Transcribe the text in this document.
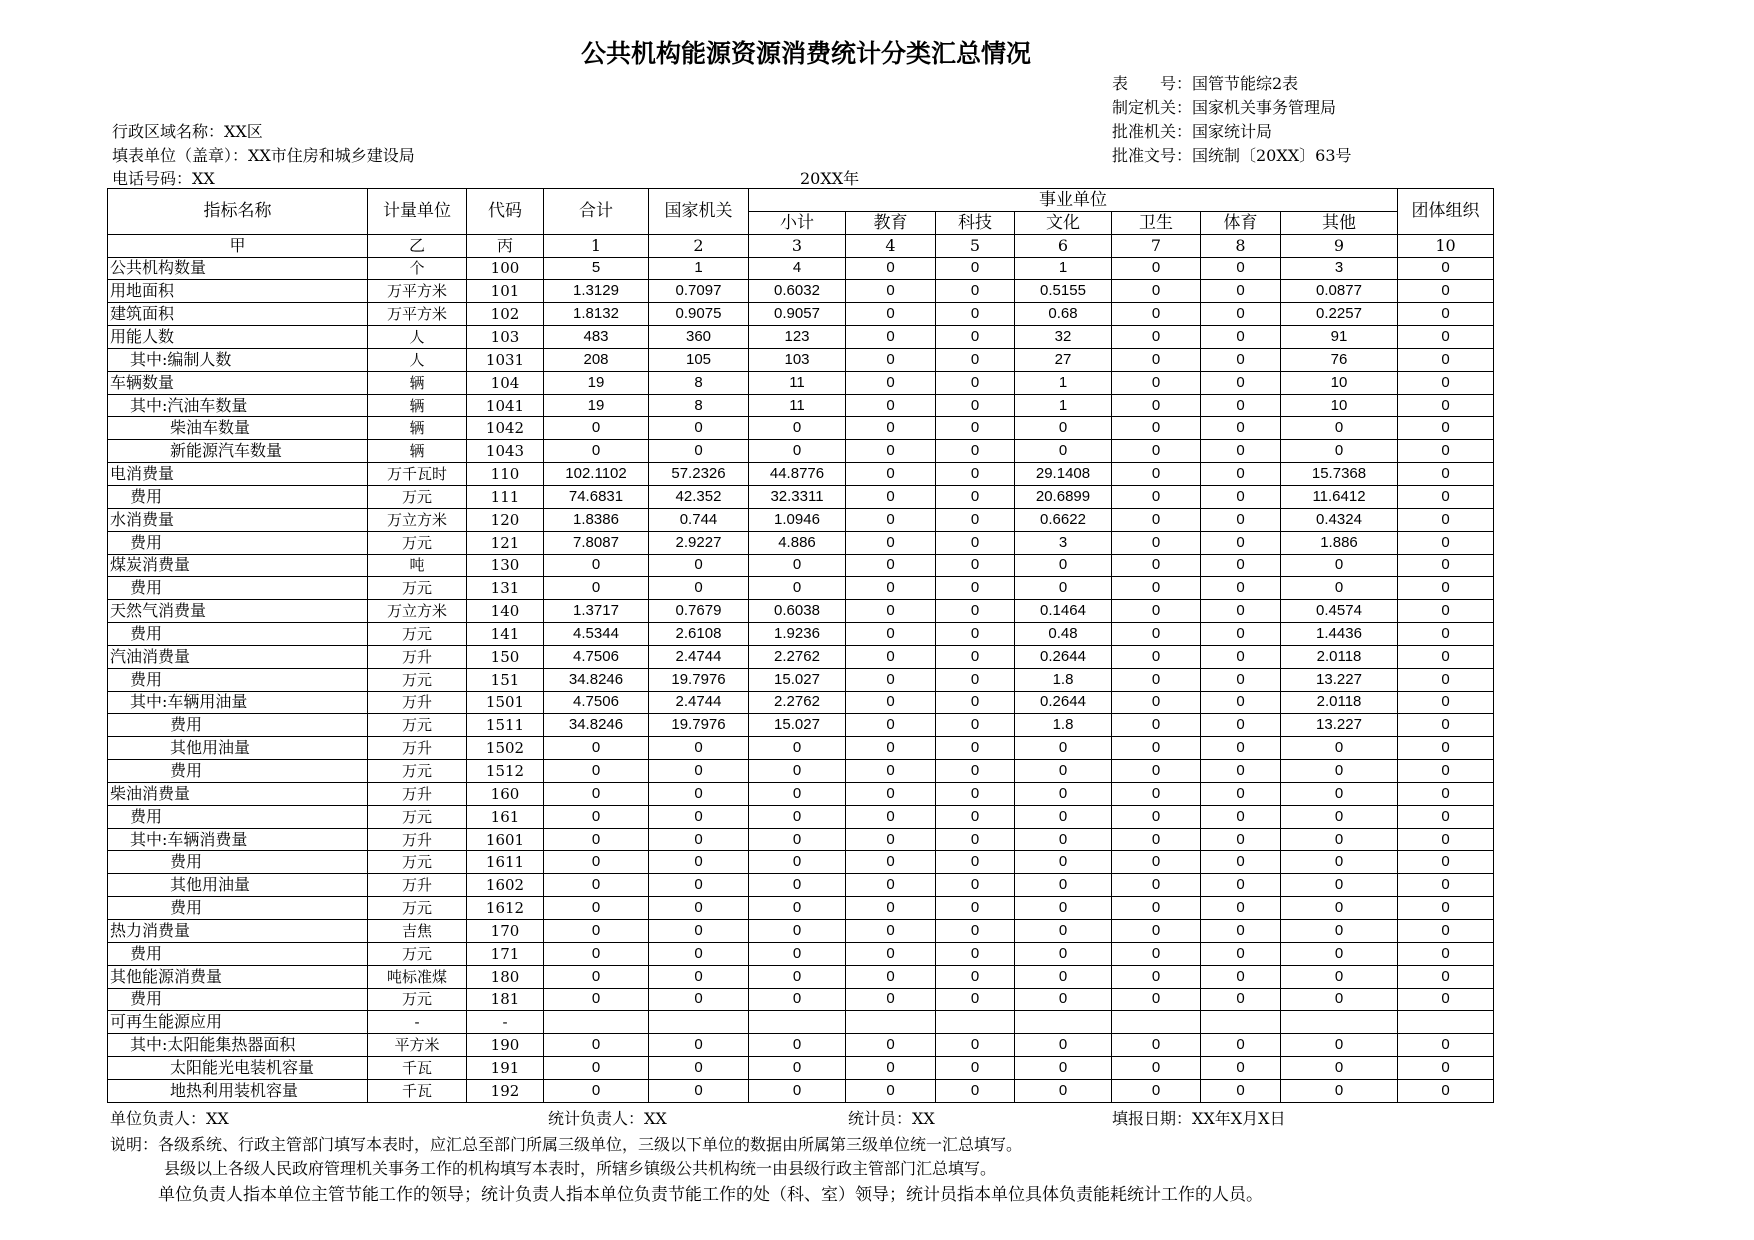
公共机构能源资源消费统计分类汇总情况
表　　号：国管节能综2表
制定机关：国家机关事务管理局
批准机关：国家统计局
批准文号：国统制〔20XX〕63号
行政区域名称：XX区
填表单位（盖章）：XX市住房和城乡建设局
电话号码：XX	20XX年
指标名称	计量单位	代码	合计	国家机关	事业单位							团体组织
					小计	教育	科技	文化	卫生	体育	其他	
甲	乙	丙	1	2	3	4	5	6	7	8	9	10
公共机构数量	个	100	5	1	4	0	0	1	0	0	3	0
用地面积	万平方米	101	1.3129	0.7097	0.6032	0	0	0.5155	0	0	0.0877	0
建筑面积	万平方米	102	1.8132	0.9075	0.9057	0	0	0.68	0	0	0.2257	0
用能人数	人	103	483	360	123	0	0	32	0	0	91	0
其中:编制人数	人	1031	208	105	103	0	0	27	0	0	76	0
车辆数量	辆	104	19	8	11	0	0	1	0	0	10	0
其中:汽油车数量	辆	1041	19	8	11	0	0	1	0	0	10	0
柴油车数量	辆	1042	0	0	0	0	0	0	0	0	0	0
新能源汽车数量	辆	1043	0	0	0	0	0	0	0	0	0	0
电消费量	万千瓦时	110	102.1102	57.2326	44.8776	0	0	29.1408	0	0	15.7368	0
费用	万元	111	74.6831	42.352	32.3311	0	0	20.6899	0	0	11.6412	0
水消费量	万立方米	120	1.8386	0.744	1.0946	0	0	0.6622	0	0	0.4324	0
费用	万元	121	7.8087	2.9227	4.886	0	0	3	0	0	1.886	0
煤炭消费量	吨	130	0	0	0	0	0	0	0	0	0	0
费用	万元	131	0	0	0	0	0	0	0	0	0	0
天然气消费量	万立方米	140	1.3717	0.7679	0.6038	0	0	0.1464	0	0	0.4574	0
费用	万元	141	4.5344	2.6108	1.9236	0	0	0.48	0	0	1.4436	0
汽油消费量	万升	150	4.7506	2.4744	2.2762	0	0	0.2644	0	0	2.0118	0
费用	万元	151	34.8246	19.7976	15.027	0	0	1.8	0	0	13.227	0
其中:车辆用油量	万升	1501	4.7506	2.4744	2.2762	0	0	0.2644	0	0	2.0118	0
费用	万元	1511	34.8246	19.7976	15.027	0	0	1.8	0	0	13.227	0
其他用油量	万升	1502	0	0	0	0	0	0	0	0	0	0
费用	万元	1512	0	0	0	0	0	0	0	0	0	0
柴油消费量	万升	160	0	0	0	0	0	0	0	0	0	0
费用	万元	161	0	0	0	0	0	0	0	0	0	0
其中:车辆消费量	万升	1601	0	0	0	0	0	0	0	0	0	0
费用	万元	1611	0	0	0	0	0	0	0	0	0	0
其他用油量	万升	1602	0	0	0	0	0	0	0	0	0	0
费用	万元	1612	0	0	0	0	0	0	0	0	0	0
热力消费量	吉焦	170	0	0	0	0	0	0	0	0	0	0
费用	万元	171	0	0	0	0	0	0	0	0	0	0
其他能源消费量	吨标准煤	180	0	0	0	0	0	0	0	0	0	0
费用	万元	181	0	0	0	0	0	0	0	0	0	0
可再生能源应用	-	-										
其中:太阳能集热器面积	平方米	190	0	0	0	0	0	0	0	0	0	0
太阳能光电装机容量	千瓦	191	0	0	0	0	0	0	0	0	0	0
地热利用装机容量	千瓦	192	0	0	0	0	0	0	0	0	0	0
单位负责人：XX	统计负责人：XX	统计员：XX	填报日期：XX年X月X日
说明：各级系统、行政主管部门填写本表时，应汇总至部门所属三级单位，三级以下单位的数据由所属第三级单位统一汇总填写。
县级以上各级人民政府管理机关事务工作的机构填写本表时，所辖乡镇级公共机构统一由县级行政主管部门汇总填写。
单位负责人指本单位主管节能工作的领导；统计负责人指本单位负责节能工作的处（科、室）领导；统计员指本单位具体负责能耗统计工作的人员。
